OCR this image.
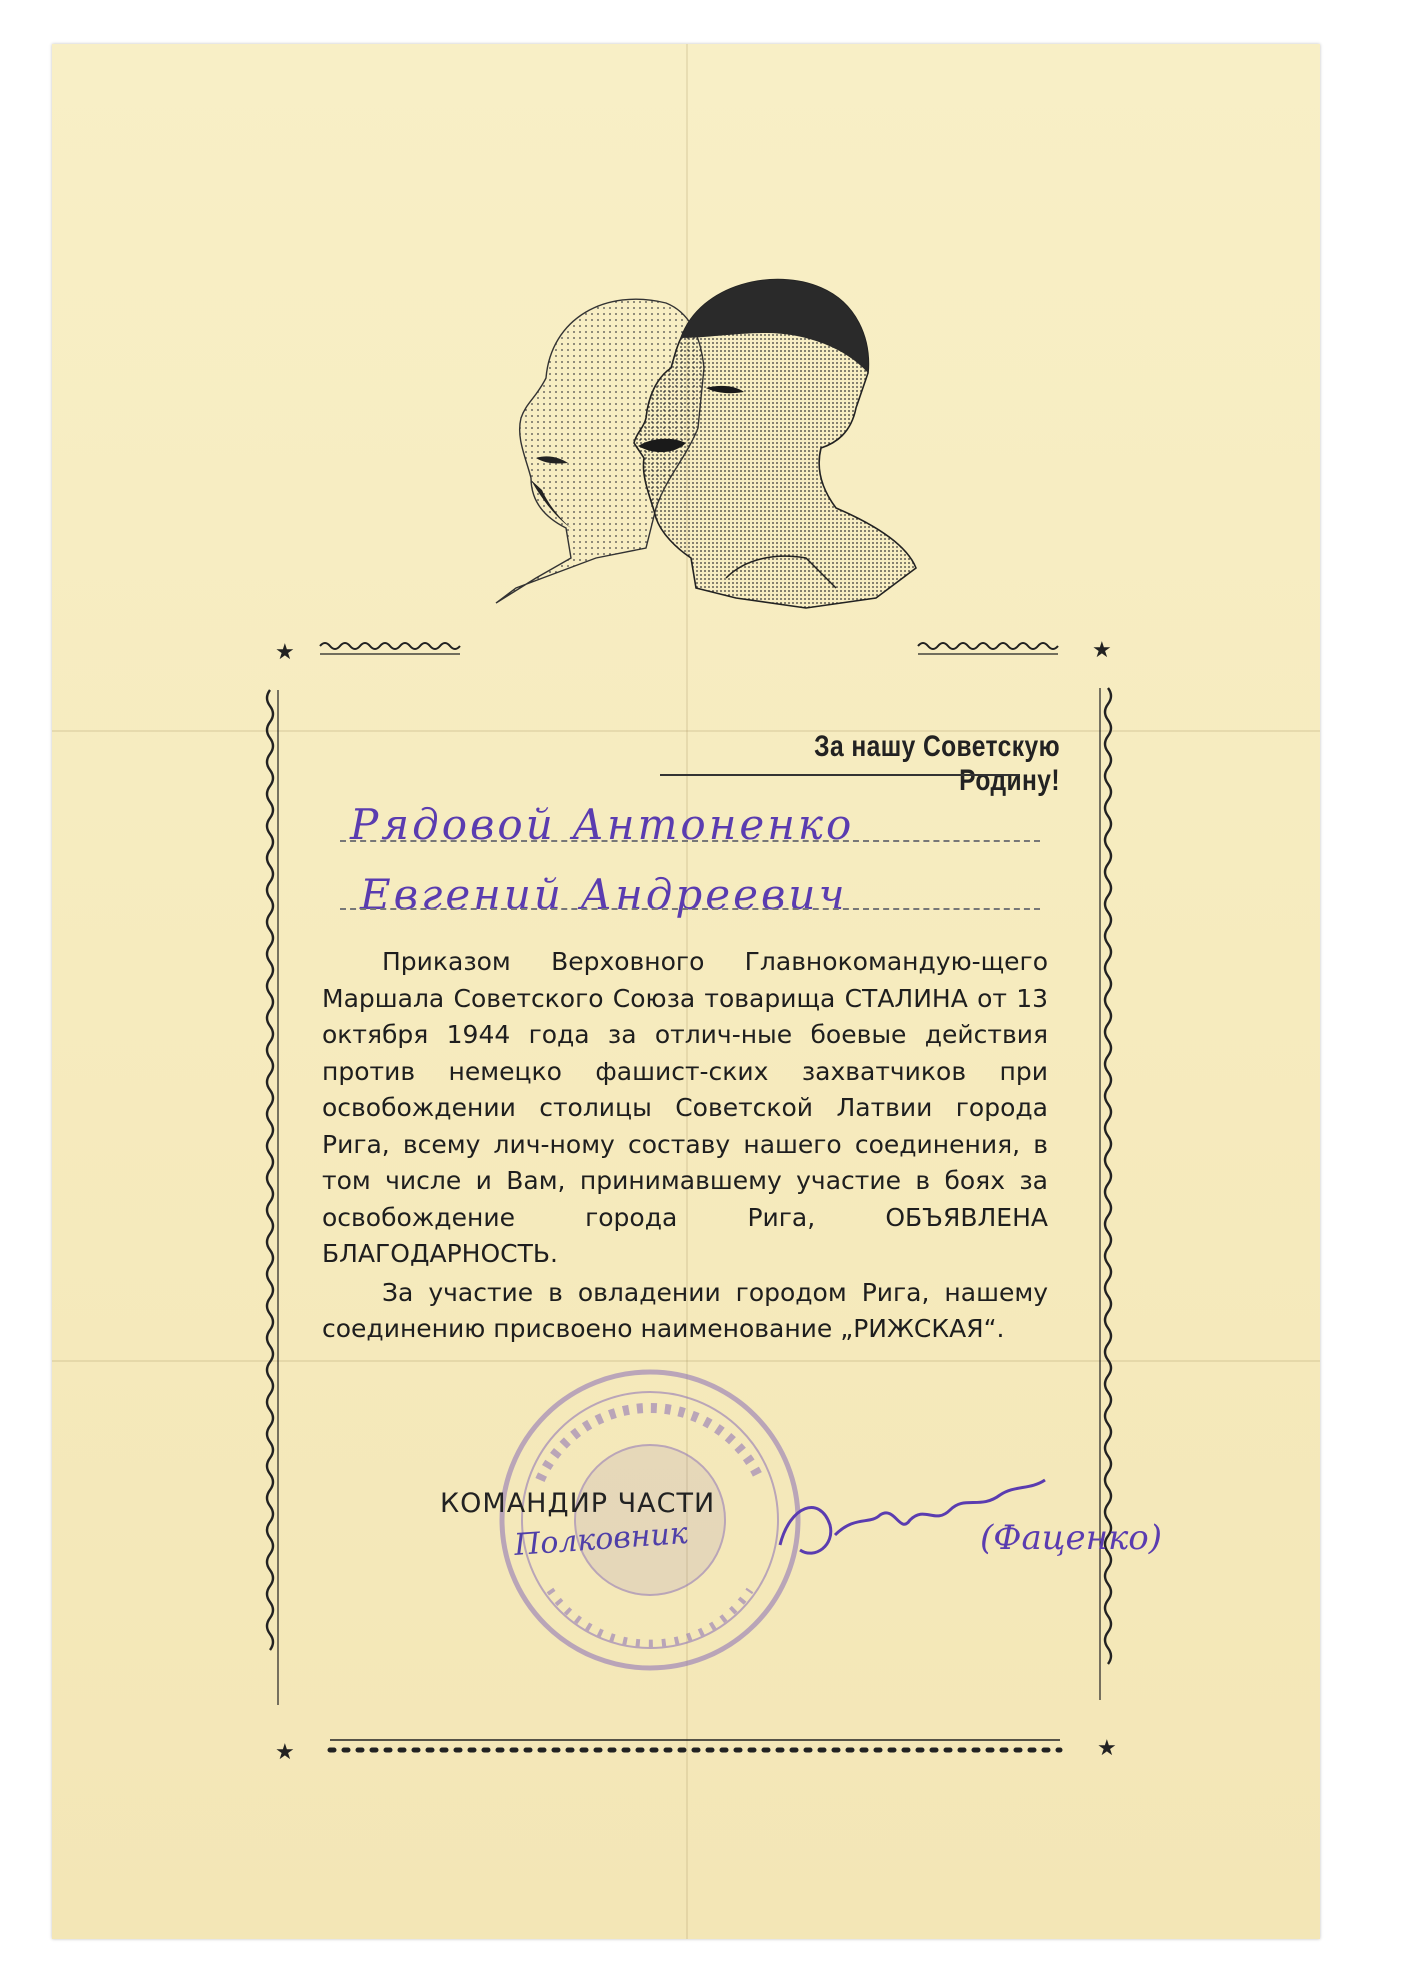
★	★
★	★
За нашу Советскую Родину!
Рядовой Антоненко
Евгений Андреевич

Приказом Верховного Главнокомандую-щего Маршала Советского Союза товарища СТАЛИНА от 13 октября 1944 года за отлич-ные боевые действия против немецко фашист-ских захватчиков при освобождении столицы Советской Латвии города Рига, всему лич-ному составу нашего соединения, в том числе и Вам, принимавшему участие в боях за освобождение города Рига, ОБЪЯВЛЕНА БЛАГОДАРНОСТЬ.

За участие в овладении городом Рига, нашему соединению присвоено наименование „РИЖСКАЯ“.

КОМАНДИР ЧАСТИ
Полковник	(Фаценко)
